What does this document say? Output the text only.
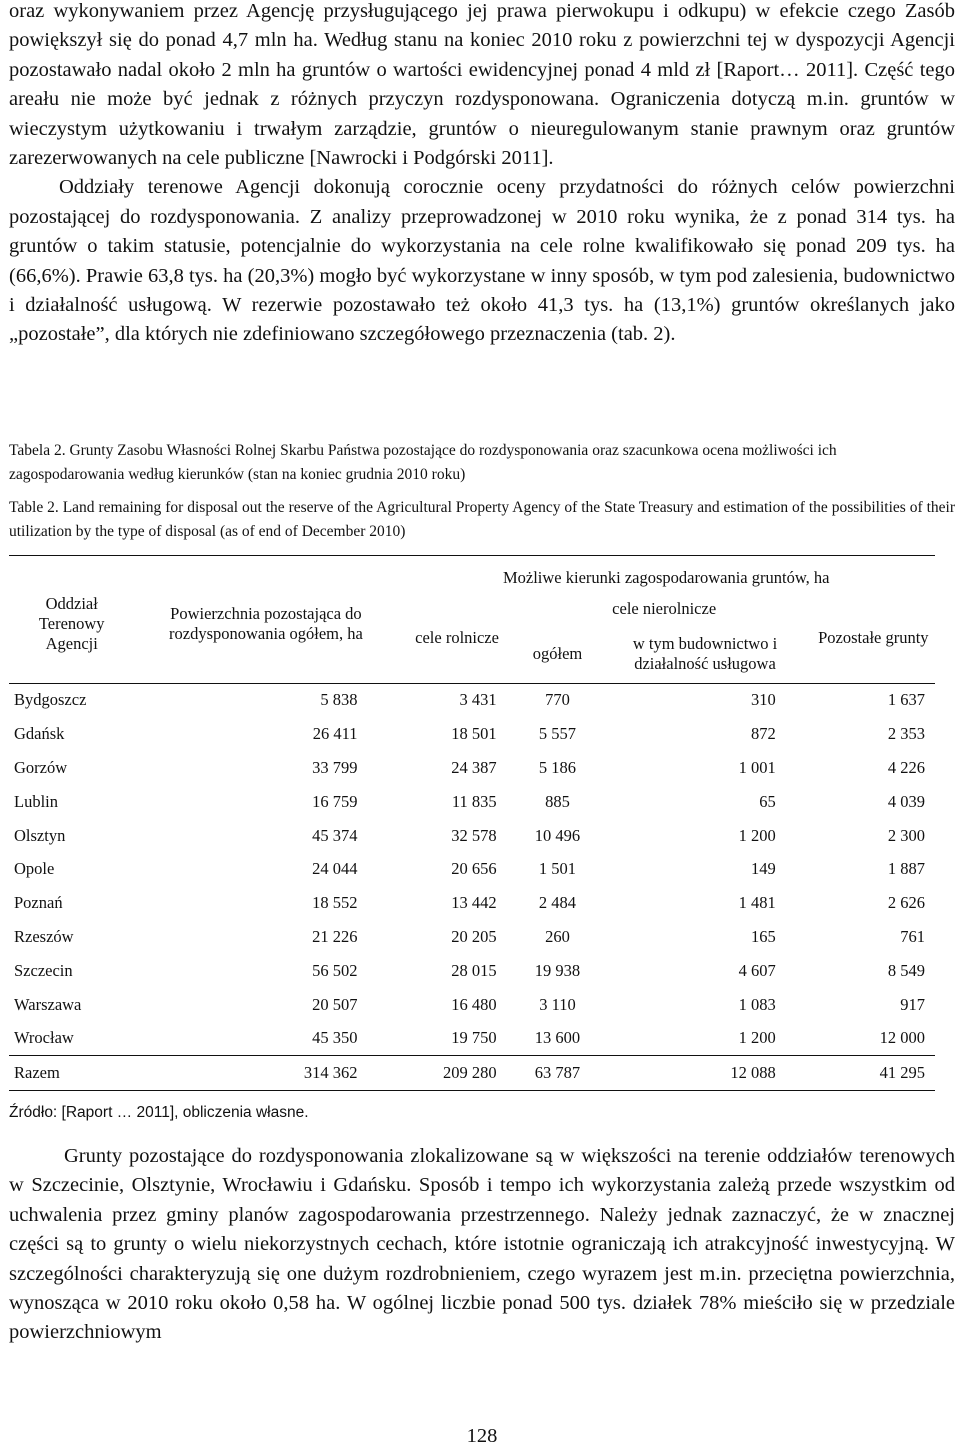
oraz wykonywaniem przez Agencję przysługującego jej prawa pierwokupu i odkupu) w efekcie czego Zasób powiększył się do ponad 4,7 mln ha. Według stanu na koniec 2010 roku z powierzchni tej w dyspozycji Agencji pozostawało nadal około 2 mln ha gruntów o wartości ewidencyjnej ponad 4 mld zł [Raport… 2011]. Część tego areału nie może być jednak z różnych przyczyn rozdysponowana. Ograniczenia dotyczą m.in. gruntów w wieczystym użytkowaniu i trwałym zarządzie, gruntów o nieuregulowanym stanie prawnym oraz gruntów zarezerwowanych na cele publiczne [Nawrocki i Podgórski 2011].
Oddziały terenowe Agencji dokonują corocznie oceny przydatności do różnych celów powierzchni pozostającej do rozdysponowania. Z analizy przeprowadzonej w 2010 roku wynika, że z ponad 314 tys. ha gruntów o takim statusie, potencjalnie do wykorzystania na cele rolne kwalifikowało się ponad 209 tys. ha (66,6%). Prawie 63,8 tys. ha (20,3%) mogło być wykorzystane w inny sposób, w tym pod zalesienia, budownictwo i działalność usługową. W rezerwie pozostawało też około 41,3 tys. ha (13,1%) gruntów określanych jako „pozostałe”, dla których nie zdefiniowano szczegółowego przeznaczenia (tab. 2).
Tabela 2. Grunty Zasobu Własności Rolnej Skarbu Państwa pozostające do rozdysponowania oraz szacunkowa ocena możliwości ich zagospodarowania według kierunków (stan na koniec grudnia 2010 roku)
Table 2. Land remaining for disposal out the reserve of the Agricultural Property Agency of the State Treasury and estimation of the possibilities of their utilization by the type of disposal (as of end of December 2010)
Oddział Terenowy Agencji	Powierzchnia pozostająca do rozdysponowania ogółem, ha	Możliwe kierunki zagospodarowania gruntów, ha			
		cele rolnicze	cele nierolnicze		Pozostałe grunty
			ogółem	w tym budownictwo i działalność usługowa	

Bydgoszcz	5 838	3 431	770	310	1 637
Gdańsk	26 411	18 501	5 557	872	2 353
Gorzów	33 799	24 387	5 186	1 001	4 226
Lublin	16 759	11 835	885	65	4 039
Olsztyn	45 374	32 578	10 496	1 200	2 300
Opole	24 044	20 656	1 501	149	1 887
Poznań	18 552	13 442	2 484	1 481	2 626
Rzeszów	21 226	20 205	260	165	761
Szczecin	56 502	28 015	19 938	4 607	8 549
Warszawa	20 507	16 480	3 110	1 083	917
Wrocław	45 350	19 750	13 600	1 200	12 000
Razem	314 362	209 280	63 787	12 088	41 295
Źródło: [Raport … 2011], obliczenia własne.
Grunty pozostające do rozdysponowania zlokalizowane są w większości na terenie oddziałów terenowych w Szczecinie, Olsztynie, Wrocławiu i Gdańsku. Sposób i tempo ich wykorzystania zależą przede wszystkim od uchwalenia przez gminy planów zagospodarowania przestrzennego. Należy jednak zaznaczyć, że w znacznej części są to grunty o wielu niekorzystnych cechach, które istotnie ograniczają ich atrakcyjność inwestycyjną. W szczególności charakteryzują się one dużym rozdrobnieniem, czego wyrazem jest m.in. przeciętna powierzchnia, wynosząca w 2010 roku około 0,58 ha. W ogólnej liczbie ponad 500 tys. działek 78% mieściło się w przedziale powierzchniowym
128
